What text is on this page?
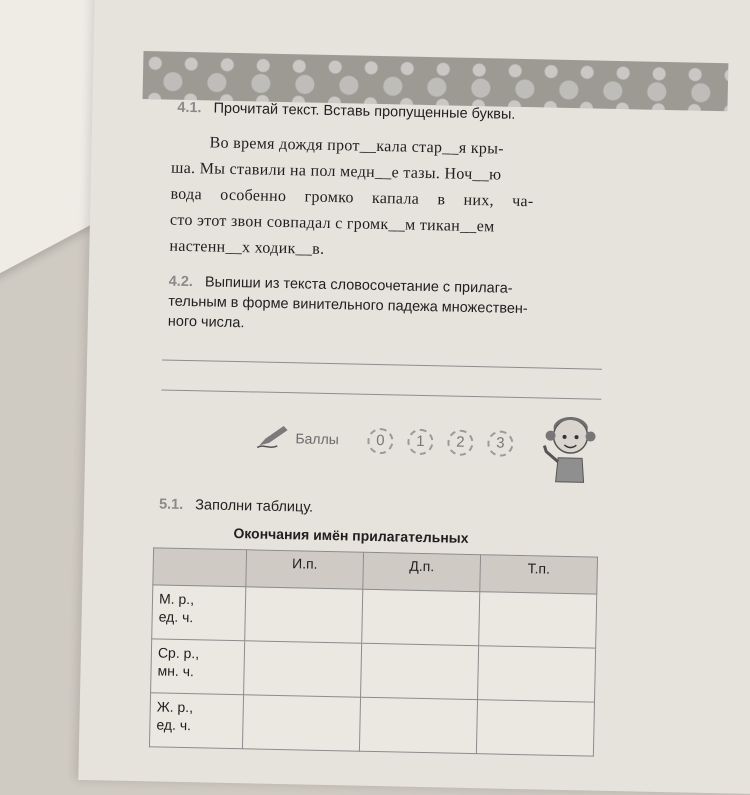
4.1. Прочитай текст. Вставь пропущенные буквы.
Во время дождя прот__кала стар__я кры-
ша. Мы ставили на пол медн__е тазы. Ноч__ю
вода особенно громко капала в них, ча-
сто этот звон совпадал с громк__м тикан__ем
настенн__х ходик__в.
4.2. Выпиши из текста словосочетание с прилага-
тельным в форме винительного падежа множествен-
ного числа.
Баллы	0	1	2	3
5.1. Заполни таблицу.
Окончания имён прилагательных
	И.п.	Д.п.	Т.п.

М. р.,
ед. ч.			

Ср. р.,
мн. ч.			

Ж. р.,
ед. ч.			
